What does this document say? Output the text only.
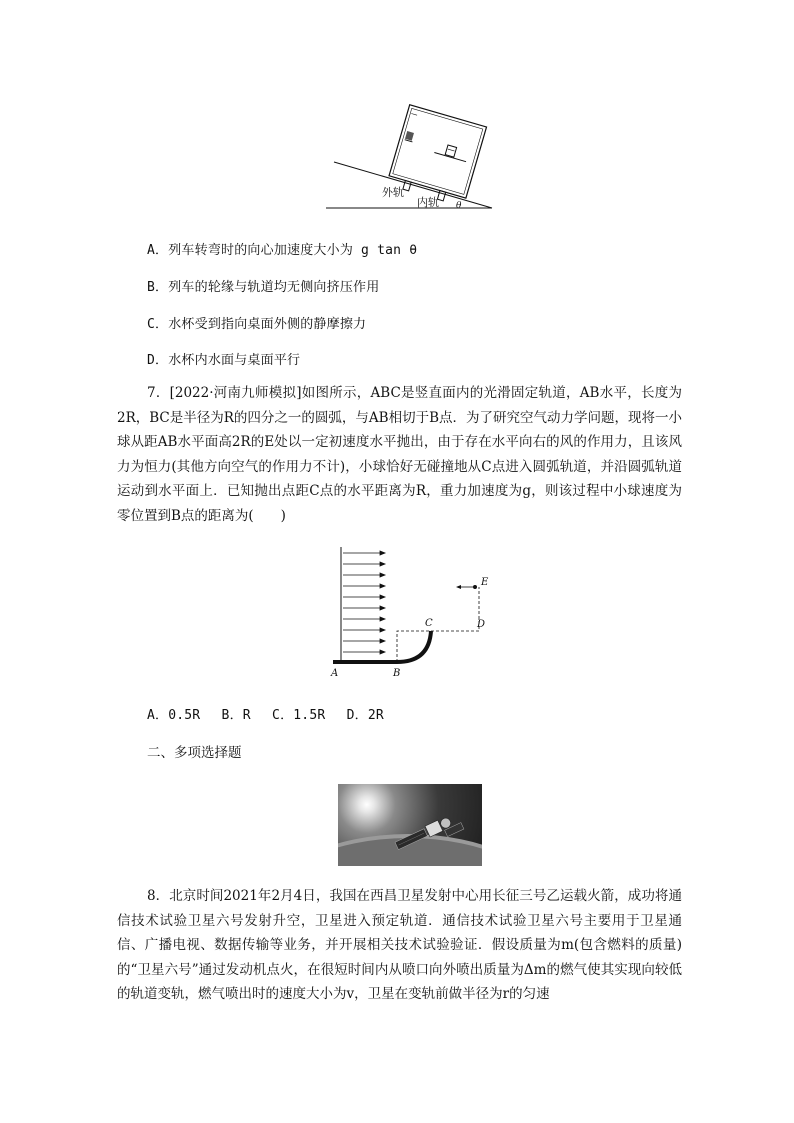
外轨
内轨 θ
A．列车转弯时的向心加速度大小为 g tan θ
B．列车的轮缘与轨道均无侧向挤压作用
C．水杯受到指向桌面外侧的静摩擦力
D．水杯内水面与桌面平行
7．[2022·河南九师模拟]如图所示，ABC是竖直面内的光滑固定轨道，AB水平，长度为2R，BC是半径为R的四分之一的圆弧，与AB相切于B点．为了研究空气动力学问题，现将一小球从距AB水平面高2R的E处以一定初速度水平抛出，由于存在水平向右的风的作用力，且该风力为恒力(其他方向空气的作用力不计)，小球恰好无碰撞地从C点进入圆弧轨道，并沿圆弧轨道运动到水平面上．已知抛出点距C点的水平距离为R，重力加速度为g，则该过程中小球速度为零位置到B点的距离为(　　)
A	B
C	D
E
A．0.5R　 B．R　 C．1.5R　 D．2R
二、多项选择题
8．北京时间2021年2月4日，我国在西昌卫星发射中心用长征三号乙运载火箭，成功将通信技术试验卫星六号发射升空，卫星进入预定轨道．通信技术试验卫星六号主要用于卫星通信、广播电视、数据传输等业务，并开展相关技术试验验证．假设质量为m(包含燃料的质量)的“卫星六号”通过发动机点火，在很短时间内从喷口向外喷出质量为Δm的燃气使其实现向较低的轨道变轨，燃气喷出时的速度大小为v，卫星在变轨前做半径为r的匀速
